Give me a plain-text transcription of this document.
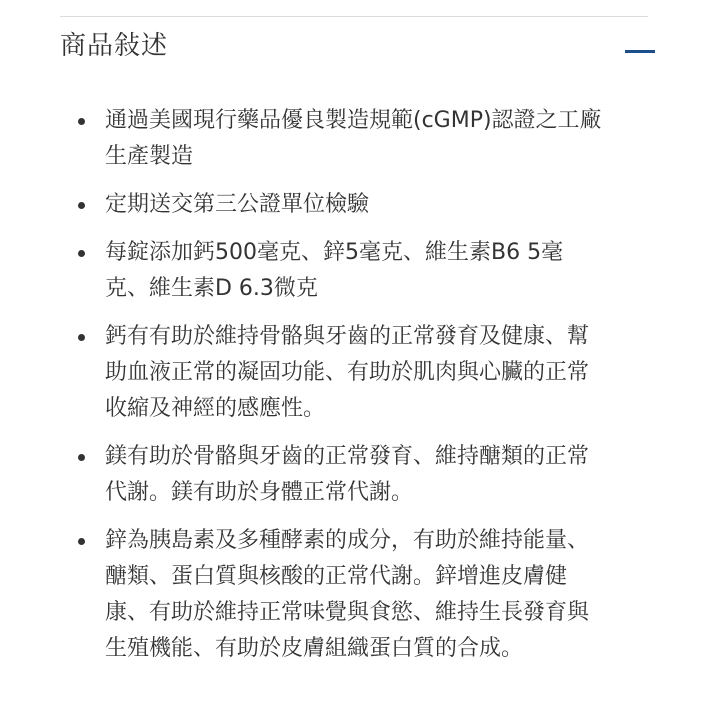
商品敍述
通過美國現行藥品優良製造規範(cGMP)認證之工廠生產製造
定期送交第三公證單位檢驗
每錠添加鈣500毫克、鋅5毫克、維生素B6 5毫克、維生素D 6.3微克
鈣有有助於維持骨骼與牙齒的正常發育及健康、幫助血液正常的凝固功能、有助於肌肉與心臟的正常收縮及神經的感應性。
鎂有助於骨骼與牙齒的正常發育、維持醣類的正常代謝。鎂有助於身體正常代謝。
鋅為胰島素及多種酵素的成分，有助於維持能量、醣類、蛋白質與核酸的正常代謝。鋅增進皮膚健康、有助於維持正常味覺與食慾、維持生長發育與生殖機能、有助於皮膚組織蛋白質的合成。
